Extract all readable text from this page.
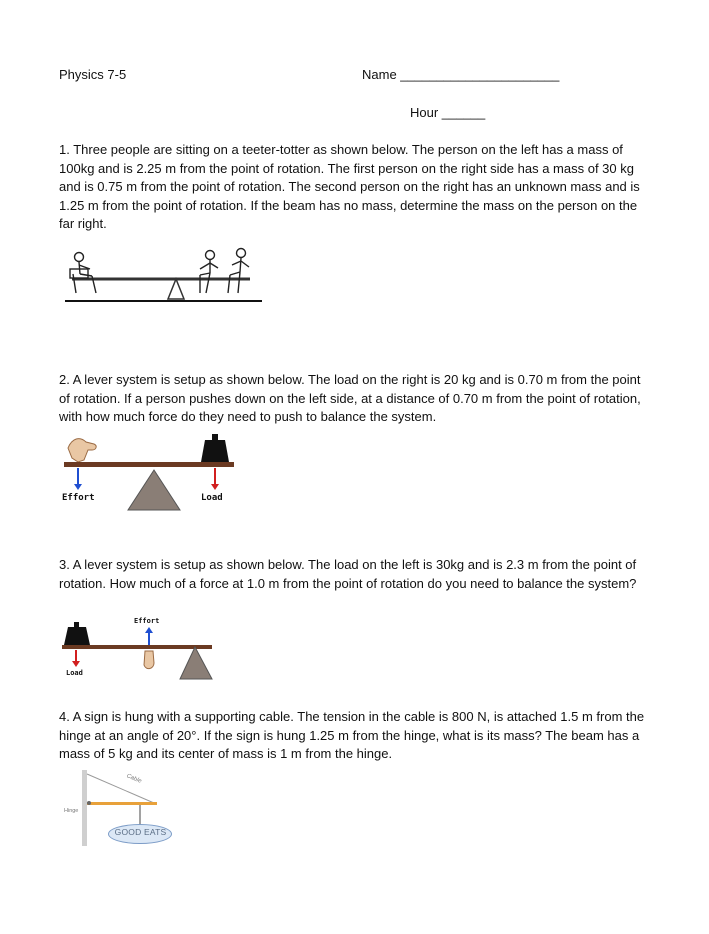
Physics 7-5	Name ______________________
Hour ______
1. Three people are sitting on a teeter-totter as shown below. The person on the left has a mass of 100kg and is 2.25 m from the point of rotation. The first person on the right side has a mass of 30 kg and is 0.75 m from the point of rotation. The second person on the right has an unknown mass and is 1.25 m from the point of rotation. If the beam has no mass, determine the mass on the person on the far right.
2. A lever system is setup as shown below. The load on the right is 20 kg and is 0.70 m from the point of rotation. If a person pushes down on the left side, at a distance of 0.70 m from the point of rotation, with how much force do they need to push to balance the system.
Effort	Load
3. A lever system is setup as shown below. The load on the left is 30kg and is 2.3 m from the point of rotation. How much of a force at 1.0 m from the point of rotation do you need to balance the system?
Effort
Load
4. A sign is hung with a supporting cable. The tension in the cable is 800 N, is attached 1.5 m from the hinge at an angle of 20°. If the sign is hung 1.25 m from the hinge, what is its mass? The beam has a mass of 5 kg and its center of mass is 1 m from the hinge.
GOOD EATS
Cable
Hinge
